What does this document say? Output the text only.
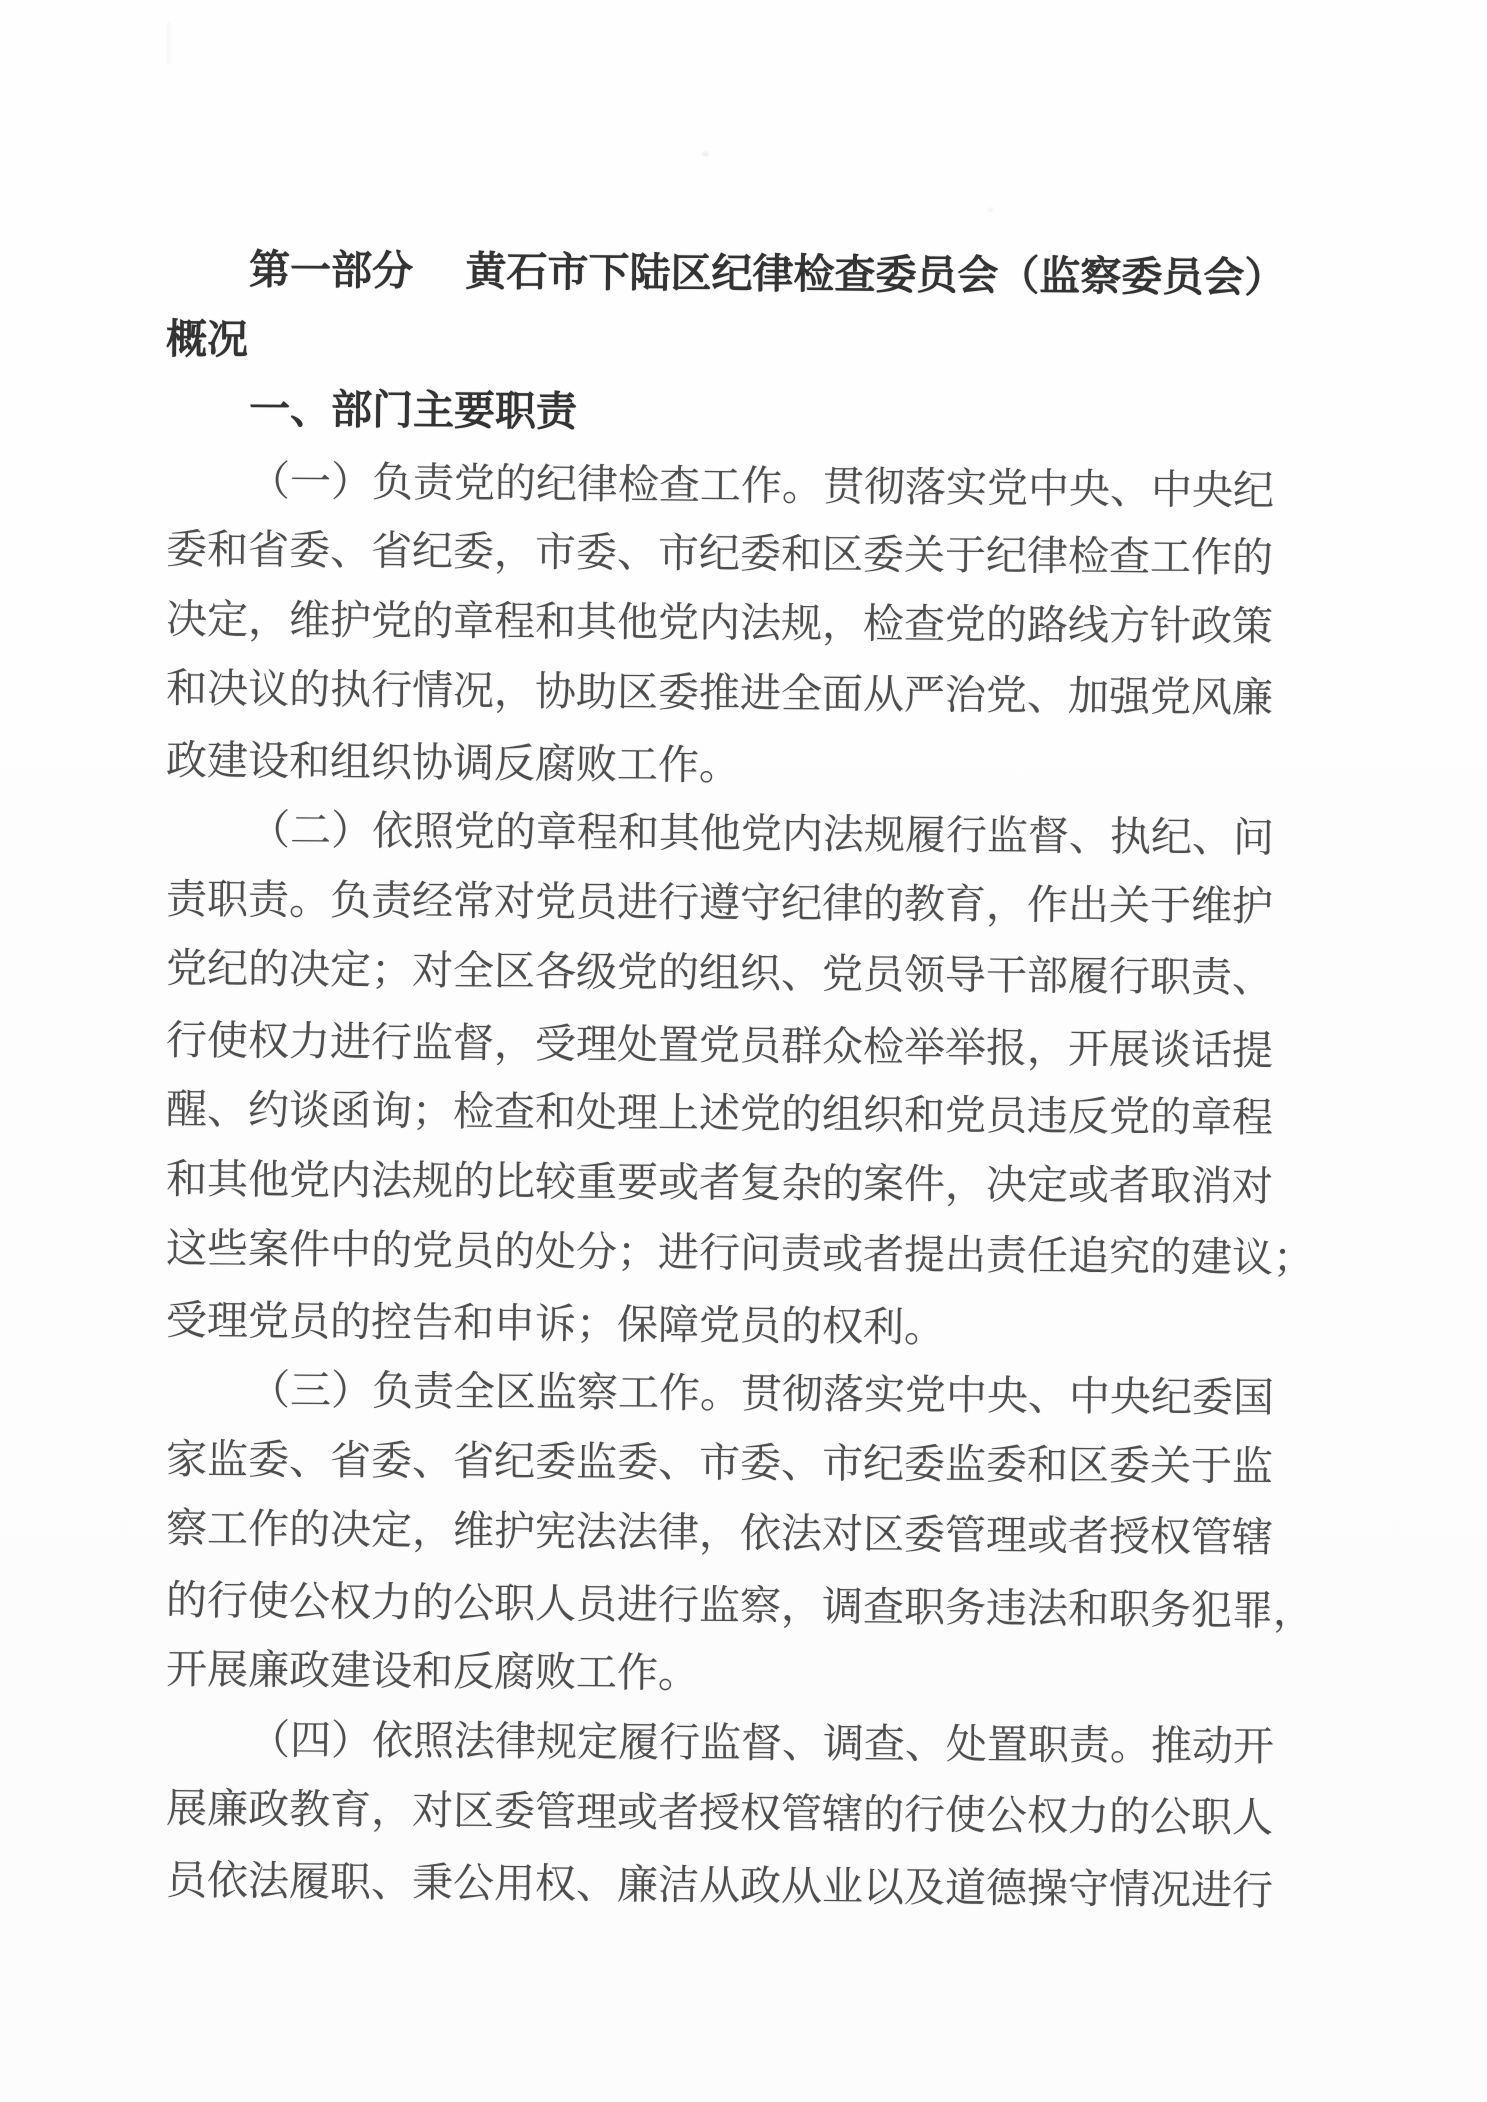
第一部分　 黄石市下陆区纪律检查委员会（监察委员会）
概况
一、部门主要职责
（一）负责党的纪律检查工作。贯彻落实党中央、中央纪
委和省委、省纪委，市委、市纪委和区委关于纪律检查工作的
决定，维护党的章程和其他党内法规，检查党的路线方针政策
和决议的执行情况，协助区委推进全面从严治党、加强党风廉
政建设和组织协调反腐败工作。
（二）依照党的章程和其他党内法规履行监督、执纪、问
责职责。负责经常对党员进行遵守纪律的教育，作出关于维护
党纪的决定；对全区各级党的组织、党员领导干部履行职责、
行使权力进行监督，受理处置党员群众检举举报，开展谈话提
醒、约谈函询；检查和处理上述党的组织和党员违反党的章程
和其他党内法规的比较重要或者复杂的案件，决定或者取消对
这些案件中的党员的处分；进行问责或者提出责任追究的建议；
受理党员的控告和申诉；保障党员的权利。
（三）负责全区监察工作。贯彻落实党中央、中央纪委国
家监委、省委、省纪委监委、市委、市纪委监委和区委关于监
察工作的决定，维护宪法法律，依法对区委管理或者授权管辖
的行使公权力的公职人员进行监察，调查职务违法和职务犯罪，
开展廉政建设和反腐败工作。
（四）依照法律规定履行监督、调查、处置职责。推动开
展廉政教育，对区委管理或者授权管辖的行使公权力的公职人
员依法履职、秉公用权、廉洁从政从业以及道德操守情况进行
